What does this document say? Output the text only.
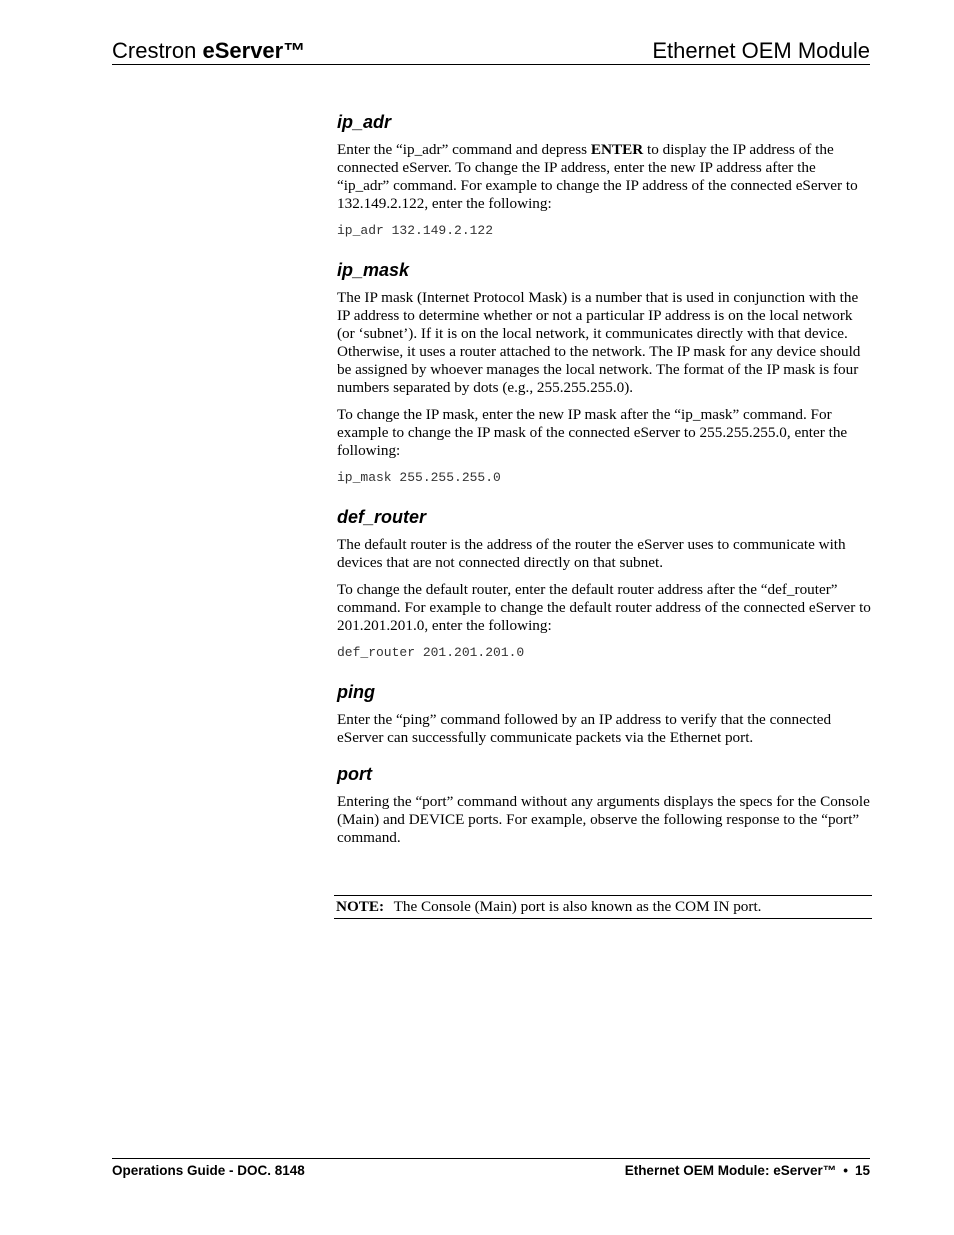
Crestron eServer™	Ethernet OEM Module
ip_adr

Enter the “ip_adr” command and depress ENTER to display the IP address of the connected eServer. To change the IP address, enter the new IP address after the “ip_adr” command. For example to change the IP address of the connected eServer to 132.149.2.122, enter the following:

ip_adr 132.149.2.122
ip_mask

The IP mask (Internet Protocol Mask) is a number that is used in conjunction with the IP address to determine whether or not a particular IP address is on the local network (or ‘subnet’). If it is on the local network, it communicates directly with that device. Otherwise, it uses a router attached to the network. The IP mask for any device should be assigned by whoever manages the local network. The format of the IP mask is four numbers separated by dots (e.g., 255.255.255.0).

To change the IP mask, enter the new IP mask after the “ip_mask” command. For example to change the IP mask of the connected eServer to 255.255.255.0, enter the following:

ip_mask 255.255.255.0
def_router

The default router is the address of the router the eServer uses to communicate with devices that are not connected directly on that subnet.

To change the default router, enter the default router address after the “def_router” command. For example to change the default router address of the connected eServer to 201.201.201.0, enter the following:

def_router 201.201.201.0
ping

Enter the “ping” command followed by an IP address to verify that the connected eServer can successfully communicate packets via the Ethernet port.

port

Entering the “port” command without any arguments displays the specs for the Console (Main) and DEVICE ports. For example, observe the following response to the “port” command.

NOTE: The Console (Main) port is also known as the COM IN port.
Operations Guide - DOC. 8148	Ethernet OEM Module: eServer™ • 15
